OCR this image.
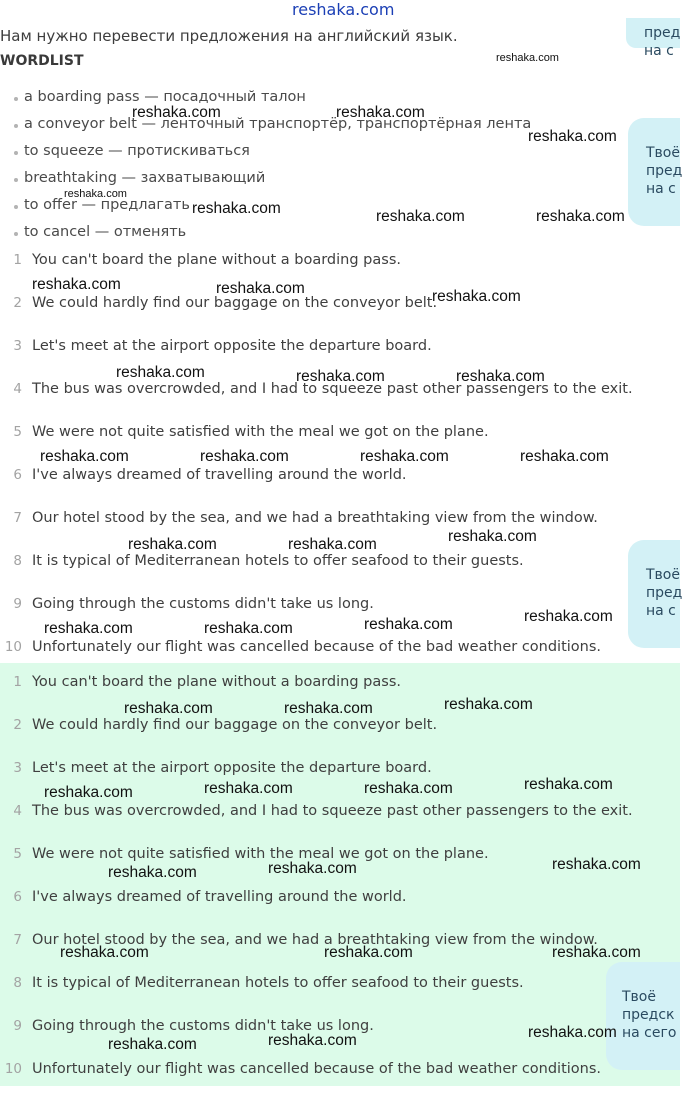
reshaka.com
Нам нужно перевести предложения на английский язык.
WORDLIST
a boarding pass — посадочный талон
a conveyor belt — ленточный транспортёр, транспортёрная лента
to squeeze — протискиваться
breathtaking — захватывающий
to offer — предлагать
to cancel — отменять
1 You can't board the plane without a boarding pass.
2 We could hardly find our baggage on the conveyor belt.
3 Let's meet at the airport opposite the departure board.
4 The bus was overcrowded, and I had to squeeze past other passengers to the exit.
5 We were not quite satisfied with the meal we got on the plane.
6 I've always dreamed of travelling around the world.
7 Our hotel stood by the sea, and we had a breathtaking view from the window.
8 It is typical of Mediterranean hotels to offer seafood to their guests.
9 Going through the customs didn't take us long.
10 Unfortunately our flight was cancelled because of the bad weather conditions.
1 You can't board the plane without a boarding pass.
2 We could hardly find our baggage on the conveyor belt.
3 Let's meet at the airport opposite the departure board.
4 The bus was overcrowded, and I had to squeeze past other passengers to the exit.
5 We were not quite satisfied with the meal we got on the plane.
6 I've always dreamed of travelling around the world.
7 Our hotel stood by the sea, and we had a breathtaking view from the window.
8 It is typical of Mediterranean hotels to offer seafood to their guests.
9 Going through the customs didn't take us long.
10 Unfortunately our flight was cancelled because of the bad weather conditions.
пред
на с
Твоё
пред
на с
Твоё
пред
на с
Твоё
предск
на сего
reshaka.com
reshaka.com
reshaka.com	reshaka.com
reshaka.com
reshaka.com	reshaka.com	reshaka.com
reshaka.com	reshaka.com	reshaka.com
reshaka.com	reshaka.com	reshaka.com
reshaka.com	reshaka.com	reshaka.com	reshaka.com
reshaka.com
reshaka.com	reshaka.com
reshaka.com
reshaka.com
reshaka.com	reshaka.com
reshaka.com
reshaka.com	reshaka.com
reshaka.com
reshaka.com	reshaka.com	reshaka.com
reshaka.com
reshaka.com
reshaka.com
reshaka.com	reshaka.com	reshaka.com
reshaka.com
reshaka.com
reshaka.com
